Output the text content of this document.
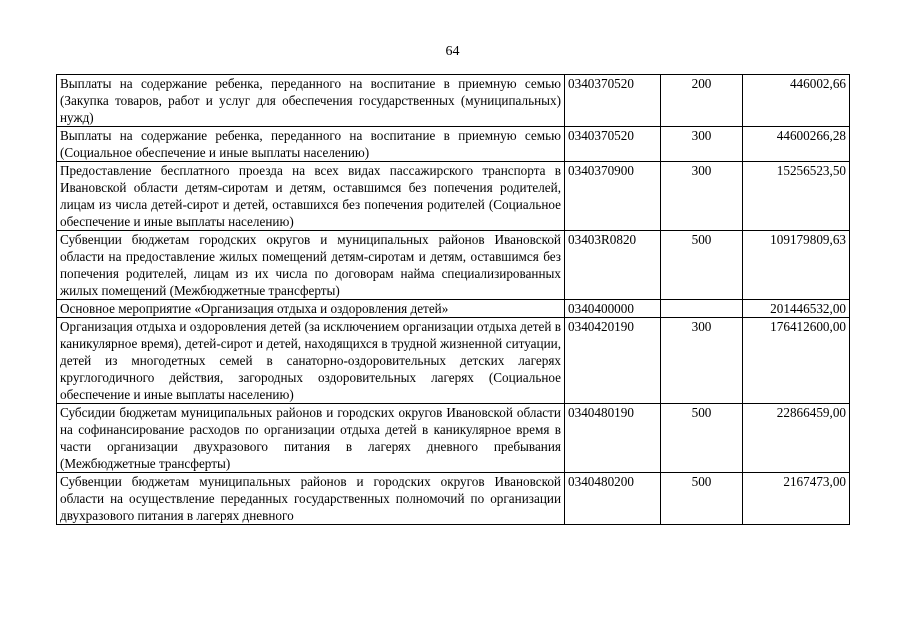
64
Выплаты на содержание ребенка, переданного на воспитание в приемную семью (Закупка товаров, работ и услуг для обеспечения государственных (муниципальных) нужд)	0340370520	200	446002,66
Выплаты на содержание ребенка, переданного на воспитание в приемную семью (Социальное обеспечение и иные выплаты населению)	0340370520	300	44600266,28
Предоставление бесплатного проезда на всех видах пассажирского транспорта в Ивановской области детям-сиротам и детям, оставшимся без попечения родителей, лицам из числа детей-сирот и детей, оставшихся без попечения родителей (Социальное обеспечение и иные выплаты населению)	0340370900	300	15256523,50
Субвенции бюджетам городских округов и муниципальных районов Ивановской области на предоставление жилых помещений детям-сиротам и детям, оставшимся без попечения родителей, лицам из их числа по договорам найма специализированных жилых помещений (Межбюджетные трансферты)	03403R0820	500	109179809,63
Основное мероприятие «Организация отдыха и оздоровления детей»	0340400000		201446532,00
Организация отдыха и оздоровления детей (за исключением организации отдыха детей в каникулярное время), детей-сирот и детей, находящихся в трудной жизненной ситуации, детей из многодетных семей в санаторно-оздоровительных детских лагерях круглогодичного действия, загородных оздоровительных лагерях (Социальное обеспечение и иные выплаты населению)	0340420190	300	176412600,00
Субсидии бюджетам муниципальных районов и городских округов Ивановской области на софинансирование расходов по организации отдыха детей в каникулярное время в части организации двухразового питания в лагерях дневного пребывания (Межбюджетные трансферты)	0340480190	500	22866459,00
Субвенции бюджетам муниципальных районов и городских округов Ивановской области на осуществление переданных государственных полномочий по организации двухразового питания в лагерях дневного	0340480200	500	2167473,00
